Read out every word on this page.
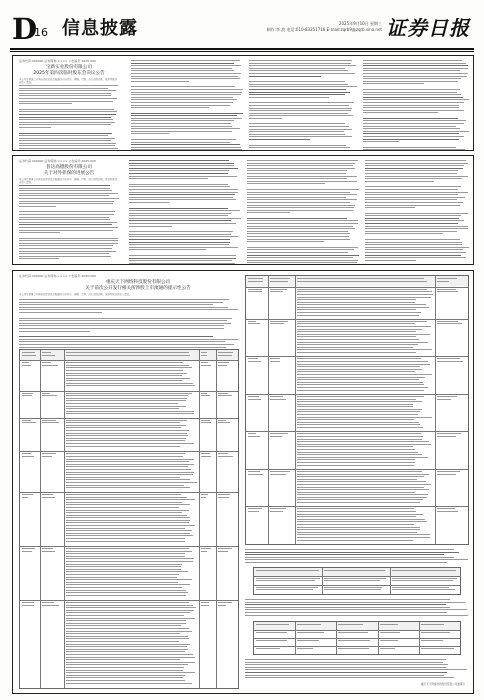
D
16 信息披露	2025年9月10日 星期三
制作:李 波 电话:010-83251716 E-mail:zqrb9@zqrb.sina.net 证券日报
证券代码:000000 证券简称:×××× 公告编号:2025-000
宝新实业股份有限公司
2025年第四次临时股东会决议公告
本公司及董事会全体成员保证信息披露的内容真实、准确、完整，没有虚假记载、误导性陈述或重大遗漏。
证券代码:000000 证券简称:×××× 公告编号:2025-000
普达高德股份有限公司
关于对外担保的进展公告
本公司及董事会全体成员保证信息披露的内容真实、准确、完整，没有虚假记载、误导性陈述或重大遗漏。
证券代码:000000 证券简称:×××× 公告编号:2025-000
重庆天下网络科技股份有限公司
关于前次公开发行相关所涉股上市流通的提示性公告
本公司及董事会全体成员保证信息披露的内容真实、准确、完整，没有虚假记载、误导性陈述或重大遗漏。
重庆天下网络科技股份有限公司董事会
